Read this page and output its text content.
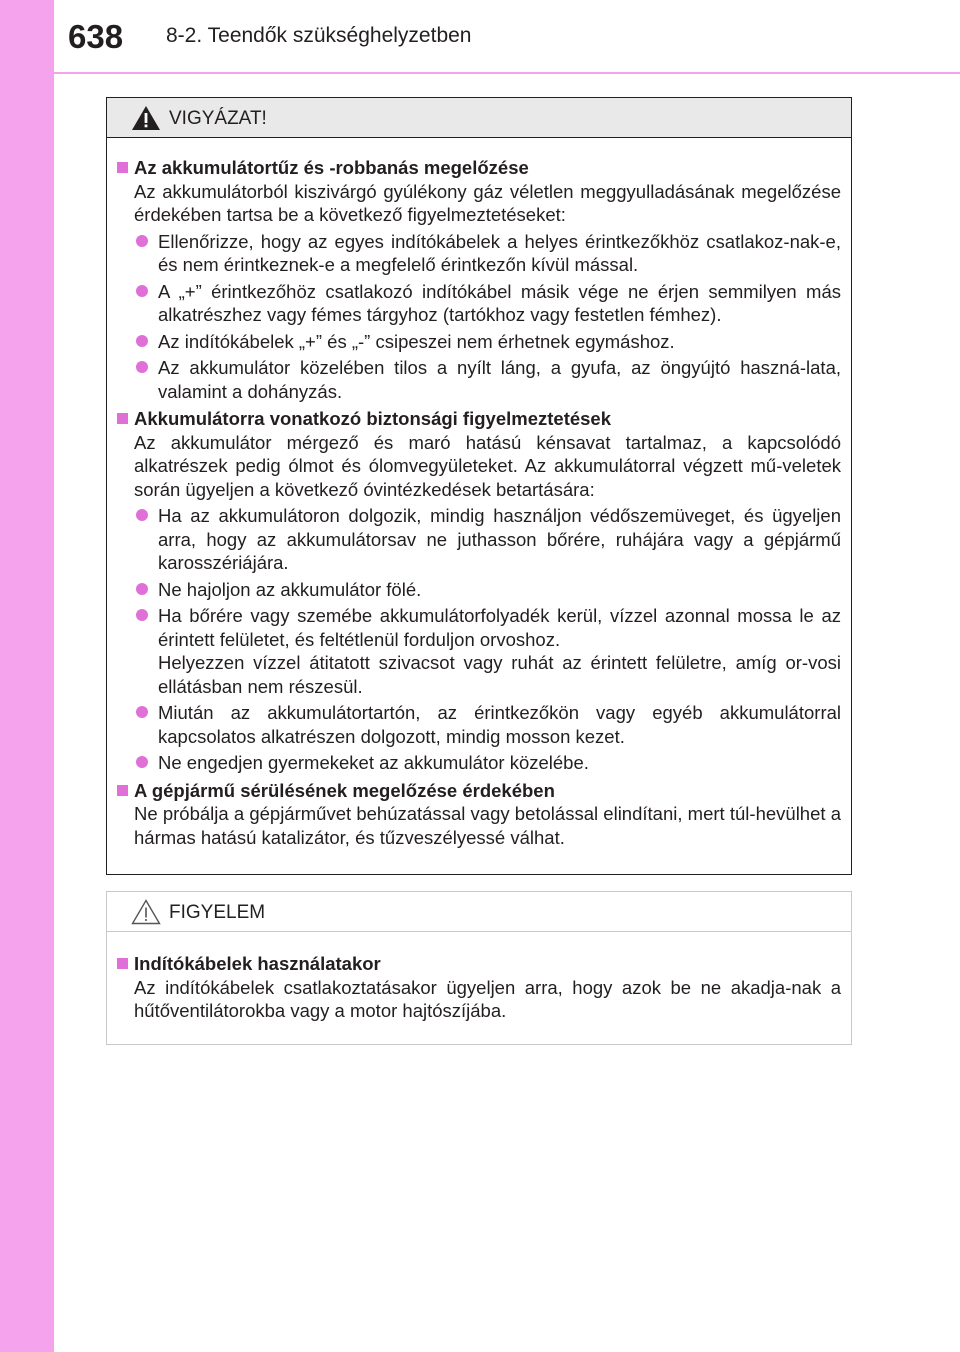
638 8-2. Teendők szükséghelyzetben
VIGYÁZAT!
Az akkumulátortűz és -robbanás megelőzése
Az akkumulátorból kiszivárgó gyúlékony gáz véletlen meggyulladásának megelőzése érdekében tartsa be a következő figyelmeztetéseket:
Ellenőrizze, hogy az egyes indítókábelek a helyes érintkezőkhöz csatlakoz-nak-e, és nem érintkeznek-e a megfelelő érintkezőn kívül mással.
A „+” érintkezőhöz csatlakozó indítókábel másik vége ne érjen semmilyen más alkatrészhez vagy fémes tárgyhoz (tartókhoz vagy festetlen fémhez).
Az indítókábelek „+” és „-” csipeszei nem érhetnek egymáshoz.
Az akkumulátor közelében tilos a nyílt láng, a gyufa, az öngyújtó haszná-lata, valamint a dohányzás.
Akkumulátorra vonatkozó biztonsági figyelmeztetések
Az akkumulátor mérgező és maró hatású kénsavat tartalmaz, a kapcsolódó alkatrészek pedig ólmot és ólomvegyületeket. Az akkumulátorral végzett mű-veletek során ügyeljen a következő óvintézkedések betartására:
Ha az akkumulátoron dolgozik, mindig használjon védőszemüveget, és ügyeljen arra, hogy az akkumulátorsav ne juthasson bőrére, ruhájára vagy a gépjármű karosszériájára.
Ne hajoljon az akkumulátor fölé.
Ha bőrére vagy szemébe akkumulátorfolyadék kerül, vízzel azonnal mossa le az érintett felületet, és feltétlenül forduljon orvoshoz.
Helyezzen vízzel átitatott szivacsot vagy ruhát az érintett felületre, amíg or-vosi ellátásban nem részesül.
Miután az akkumulátortartón, az érintkezőkön vagy egyéb akkumulátorral kapcsolatos alkatrészen dolgozott, mindig mosson kezet.
Ne engedjen gyermekeket az akkumulátor közelébe.
A gépjármű sérülésének megelőzése érdekében
Ne próbálja a gépjárművet behúzatással vagy betolással elindítani, mert túl-hevülhet a hármas hatású katalizátor, és tűzveszélyessé válhat.
FIGYELEM
Indítókábelek használatakor
Az indítókábelek csatlakoztatásakor ügyeljen arra, hogy azok be ne akadja-nak a hűtőventilátorokba vagy a motor hajtószíjába.
